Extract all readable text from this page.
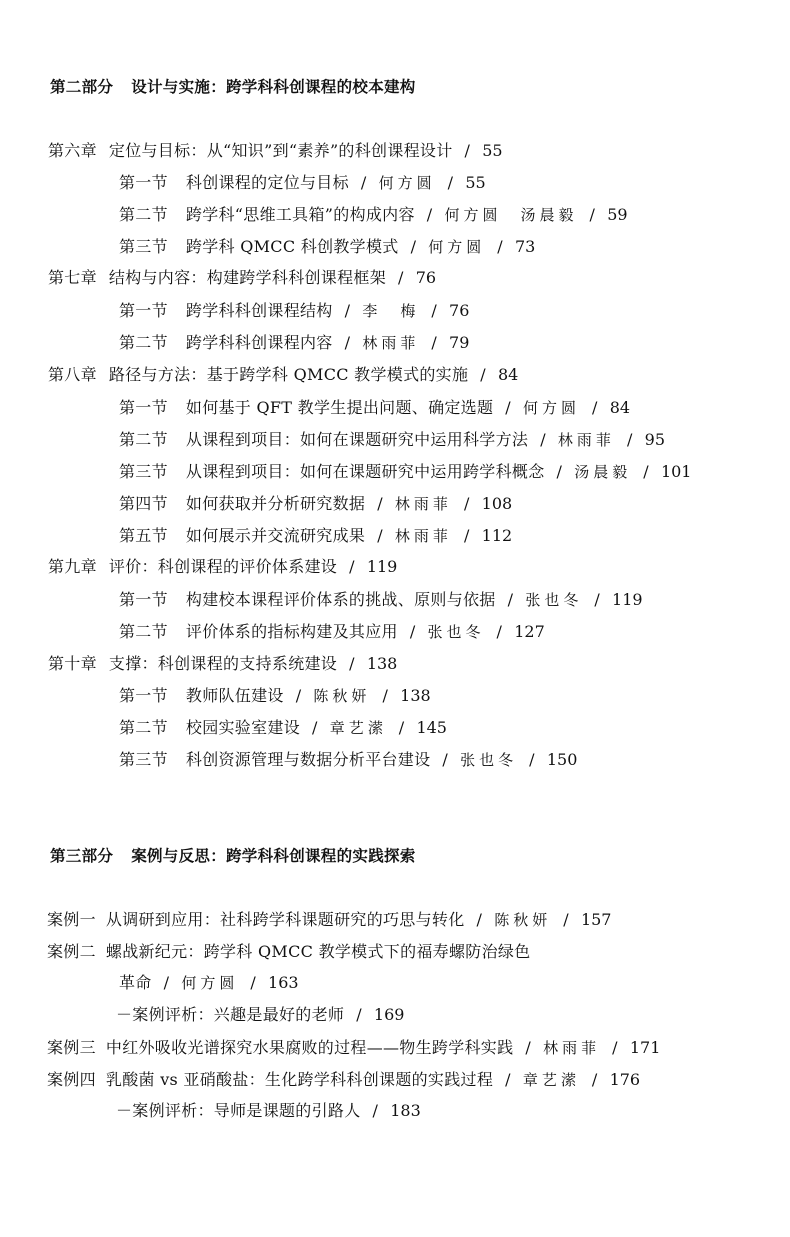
第二部分 设计与实施：跨学科科创课程的校本建构
第六章 定位与目标：从“知识”到“素养”的科创课程设计 / 55
第一节 科创课程的定位与目标 / 何方圆 / 55
第二节 跨学科“思维工具箱”的构成内容 / 何方圆　汤晨毅 / 59
第三节 跨学科 QMCC 科创教学模式 / 何方圆 / 73
第七章 结构与内容：构建跨学科科创课程框架 / 76
第一节 跨学科科创课程结构 / 李　梅 / 76
第二节 跨学科科创课程内容 / 林雨菲 / 79
第八章 路径与方法：基于跨学科 QMCC 教学模式的实施 / 84
第一节 如何基于 QFT 教学生提出问题、确定选题 / 何方圆 / 84
第二节 从课程到项目：如何在课题研究中运用科学方法 / 林雨菲 / 95
第三节 从课程到项目：如何在课题研究中运用跨学科概念 / 汤晨毅 / 101
第四节 如何获取并分析研究数据 / 林雨菲 / 108
第五节 如何展示并交流研究成果 / 林雨菲 / 112
第九章 评价：科创课程的评价体系建设 / 119
第一节 构建校本课程评价体系的挑战、原则与依据 / 张也冬 / 119
第二节 评价体系的指标构建及其应用 / 张也冬 / 127
第十章 支撑：科创课程的支持系统建设 / 138
第一节 教师队伍建设 / 陈秋妍 / 138
第二节 校园实验室建设 / 章艺潆 / 145
第三节 科创资源管理与数据分析平台建设 / 张也冬 / 150
第三部分 案例与反思：跨学科科创课程的实践探索
案例一 从调研到应用：社科跨学科课题研究的巧思与转化 / 陈秋妍 / 157
案例二 螺战新纪元：跨学科 QMCC 教学模式下的福寿螺防治绿色
革命 / 何方圆 / 163
－案例评析：兴趣是最好的老师 / 169
案例三 中红外吸收光谱探究水果腐败的过程——物生跨学科实践 / 林雨菲 / 171
案例四 乳酸菌 vs 亚硝酸盐：生化跨学科科创课题的实践过程 / 章艺潆 / 176
－案例评析：导师是课题的引路人 / 183
